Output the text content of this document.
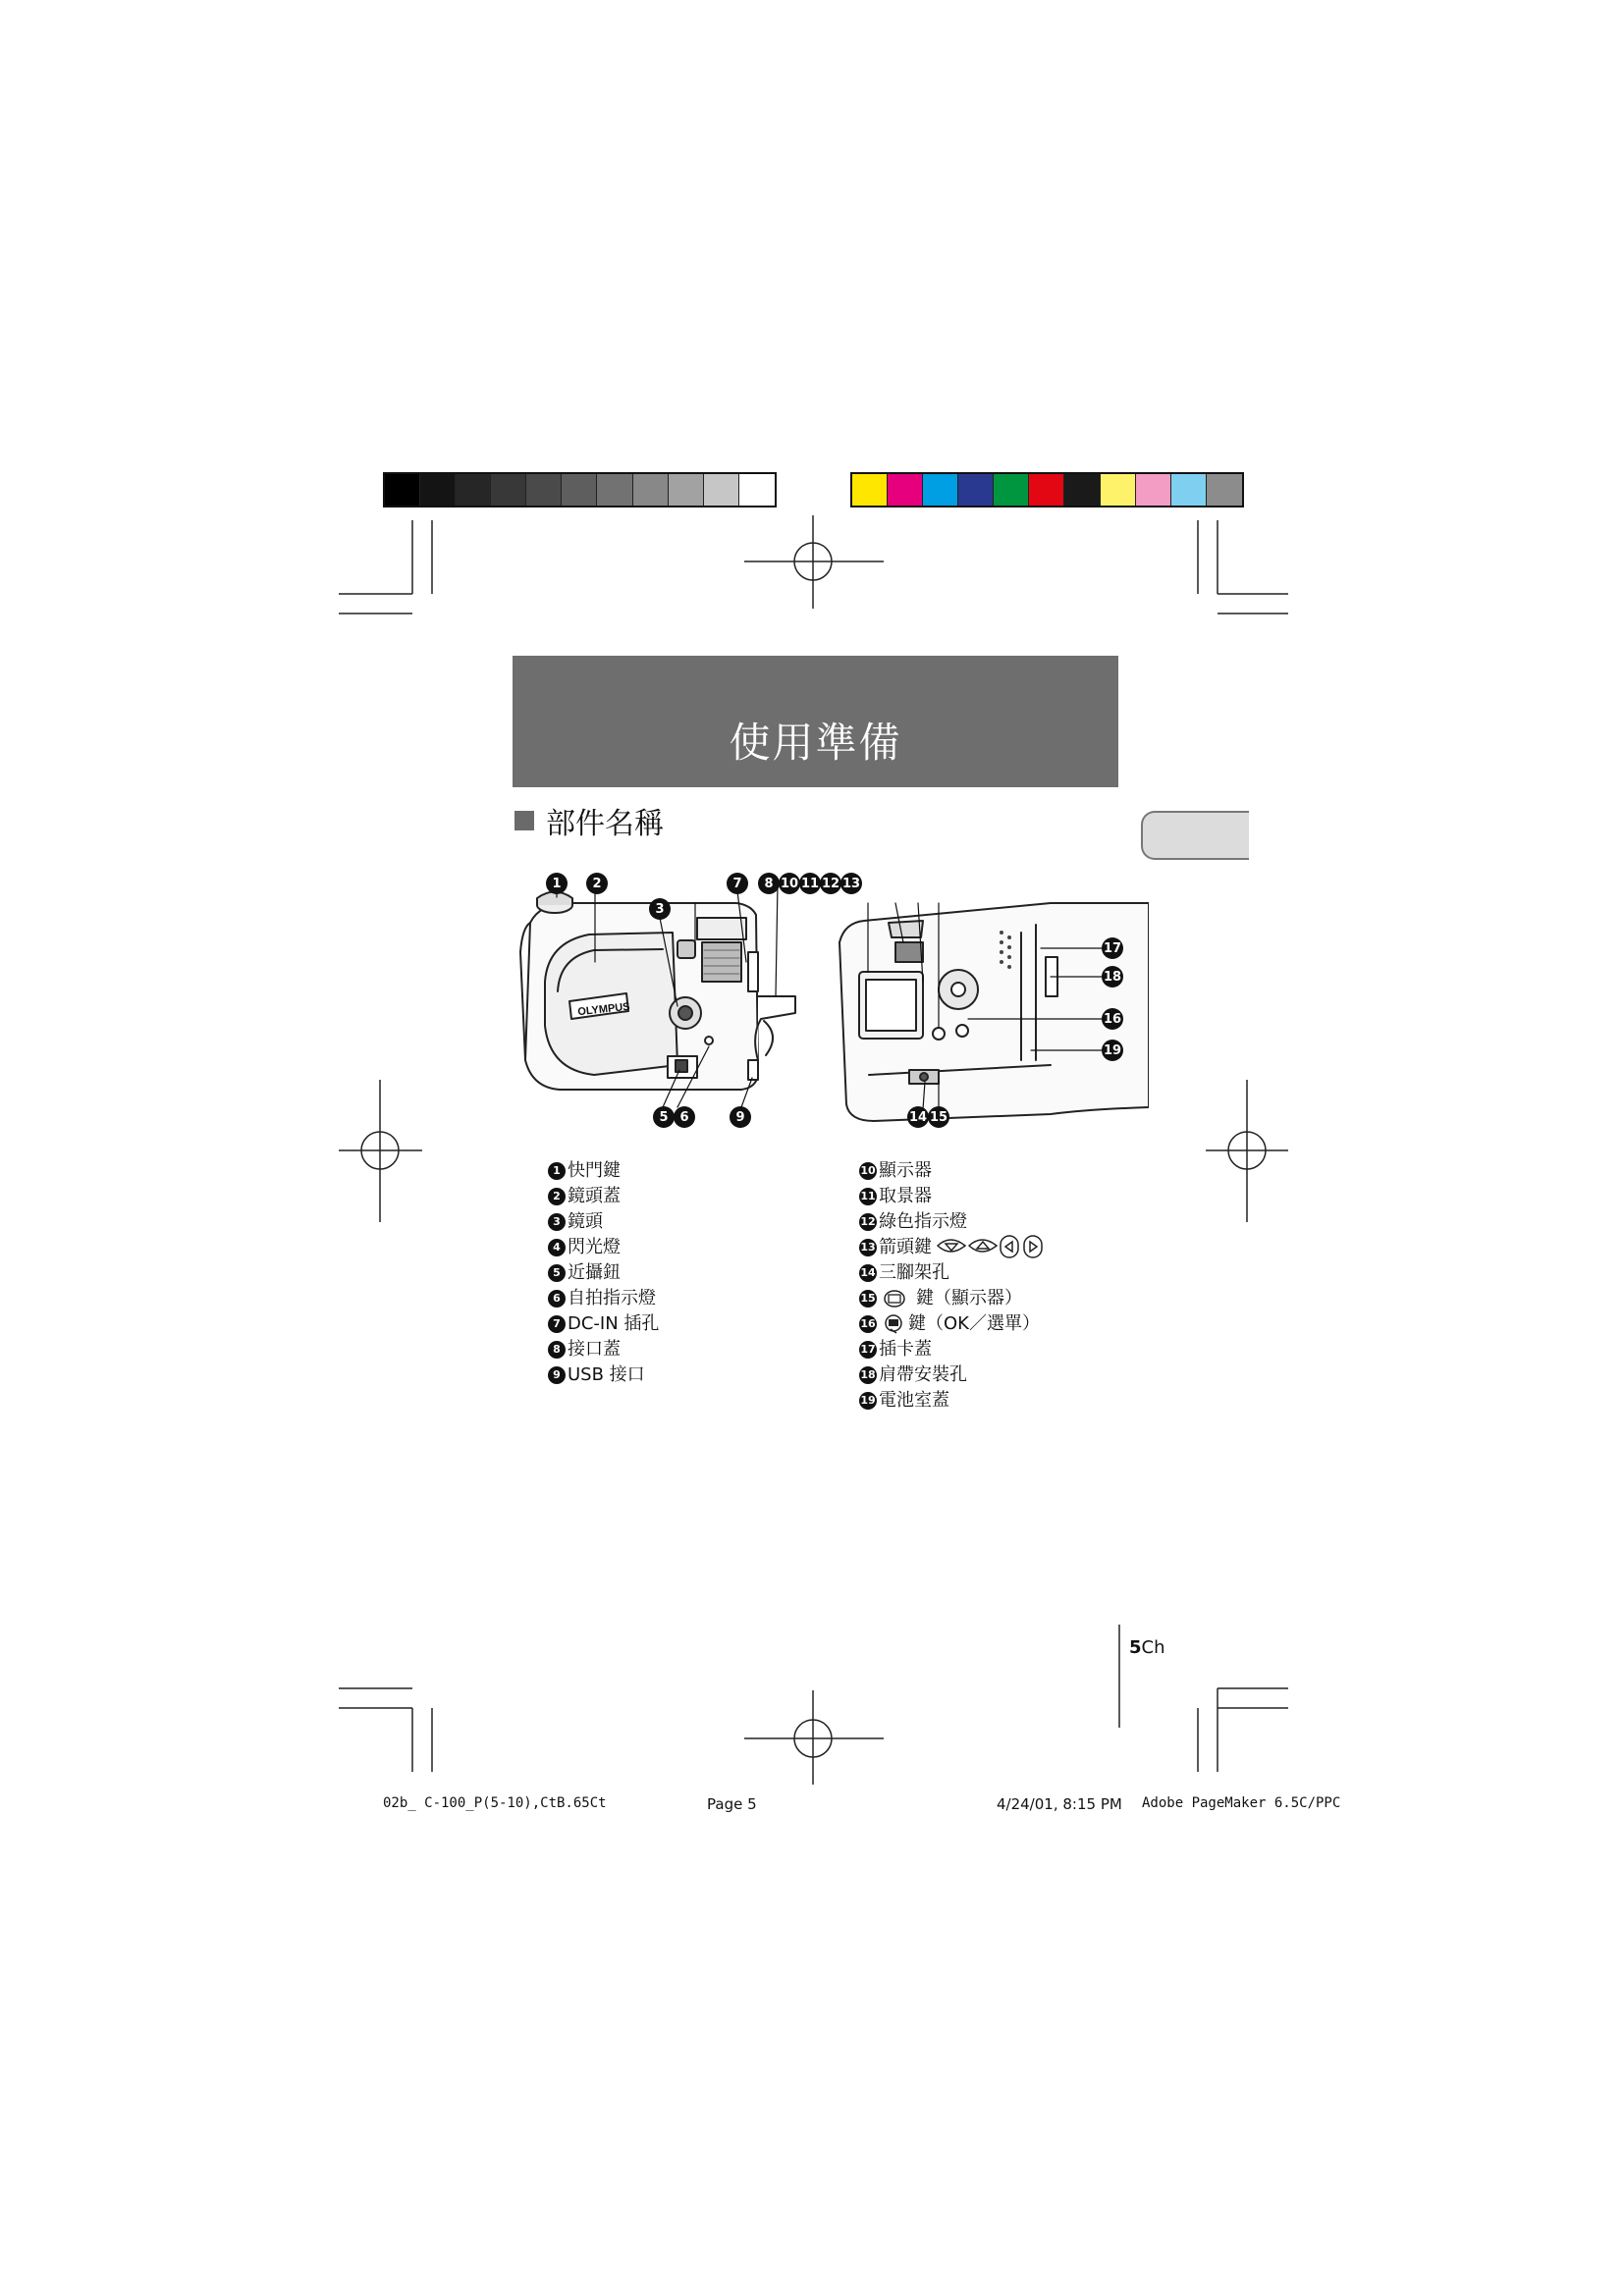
使用準備
部件名稱
OLYMPUS
1	2
3
7	8 10 11 12 13
5 6	9
17
18
16
19
14 15
1 快門鍵
2 鏡頭蓋
3 鏡頭
4 閃光燈
5 近攝鈕
6 自拍指示燈
7 DC-IN 插孔
8 接口蓋
9 USB 接口
10 顯示器
11 取景器
12 綠色指示燈
13 箭頭鍵
14 三腳架孔
15 鍵（顯示器）
16 鍵（OK／選單）
17 插卡蓋
18 肩帶安裝孔
19 電池室蓋
5Ch
02b_ C-100_P(5-10),CtB.65Ct	Page 5	4/24/01, 8:15 PM Adobe PageMaker 6.5C/PPC
